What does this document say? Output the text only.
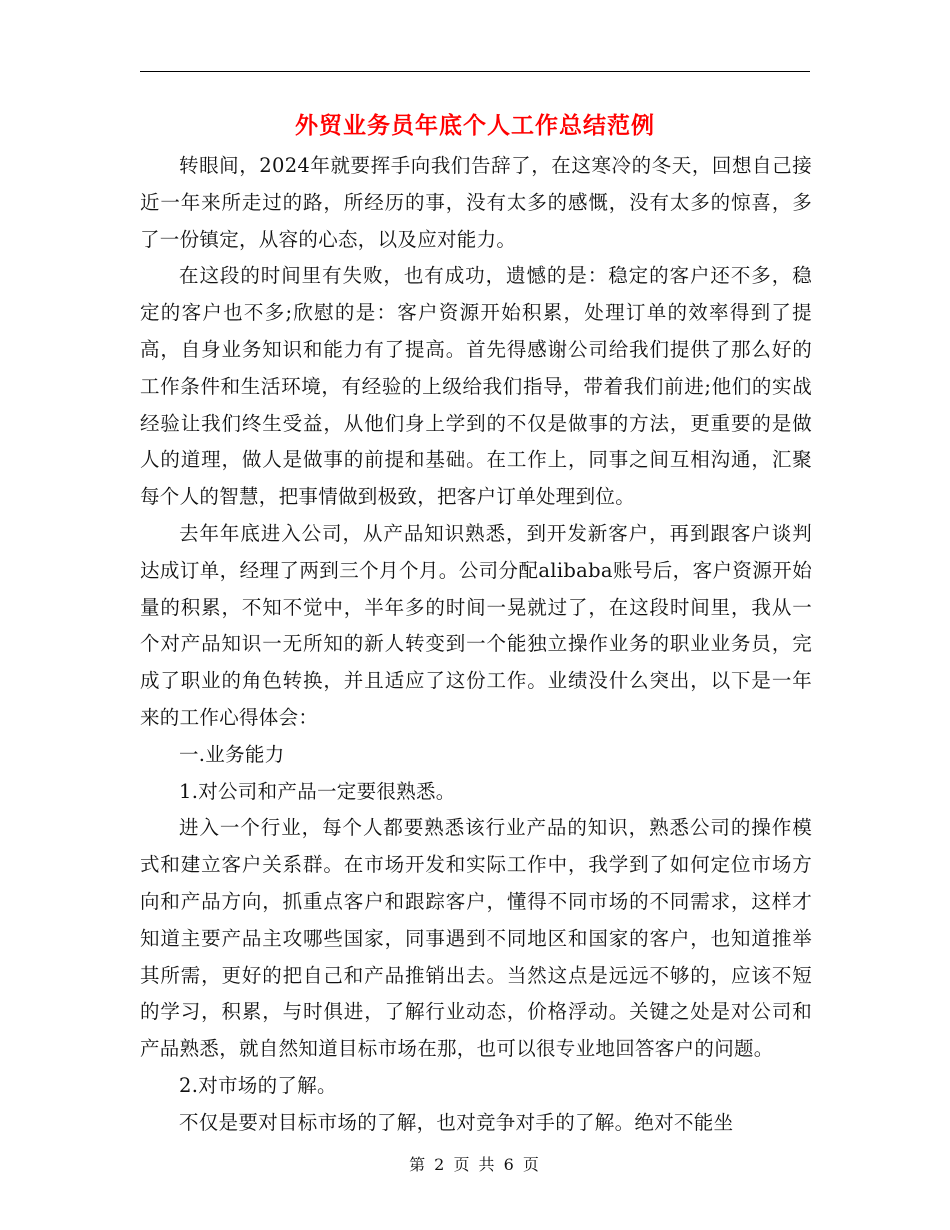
外贸业务员年底个人工作总结范例

转眼间，2024年就要挥手向我们告辞了，在这寒冷的冬天，回想自己接近一年来所走过的路，所经历的事，没有太多的感慨，没有太多的惊喜，多了一份镇定，从容的心态，以及应对能力。

在这段的时间里有失败，也有成功，遗憾的是：稳定的客户还不多，稳定的客户也不多;欣慰的是：客户资源开始积累，处理订单的效率得到了提高，自身业务知识和能力有了提高。首先得感谢公司给我们提供了那么好的工作条件和生活环境，有经验的上级给我们指导，带着我们前进;他们的实战经验让我们终生受益，从他们身上学到的不仅是做事的方法，更重要的是做人的道理，做人是做事的前提和基础。在工作上，同事之间互相沟通，汇聚每个人的智慧，把事情做到极致，把客户订单处理到位。

去年年底进入公司，从产品知识熟悉，到开发新客户，再到跟客户谈判达成订单，经理了两到三个月个月。公司分配alibaba账号后，客户资源开始量的积累，不知不觉中，半年多的时间一晃就过了，在这段时间里，我从一个对产品知识一无所知的新人转变到一个能独立操作业务的职业业务员，完成了职业的角色转换，并且适应了这份工作。业绩没什么突出，以下是一年来的工作心得体会：

一.业务能力

1.对公司和产品一定要很熟悉。

进入一个行业，每个人都要熟悉该行业产品的知识，熟悉公司的操作模式和建立客户关系群。在市场开发和实际工作中，我学到了如何定位市场方向和产品方向，抓重点客户和跟踪客户，懂得不同市场的不同需求，这样才知道主要产品主攻哪些国家，同事遇到不同地区和国家的客户，也知道推举其所需，更好的把自己和产品推销出去。当然这点是远远不够的，应该不短的学习，积累，与时俱进，了解行业动态，价格浮动。关键之处是对公司和产品熟悉，就自然知道目标市场在那，也可以很专业地回答客户的问题。

2.对市场的了解。

不仅是要对目标市场的了解，也对竞争对手的了解。绝对不能坐

第 2 页 共 6 页
